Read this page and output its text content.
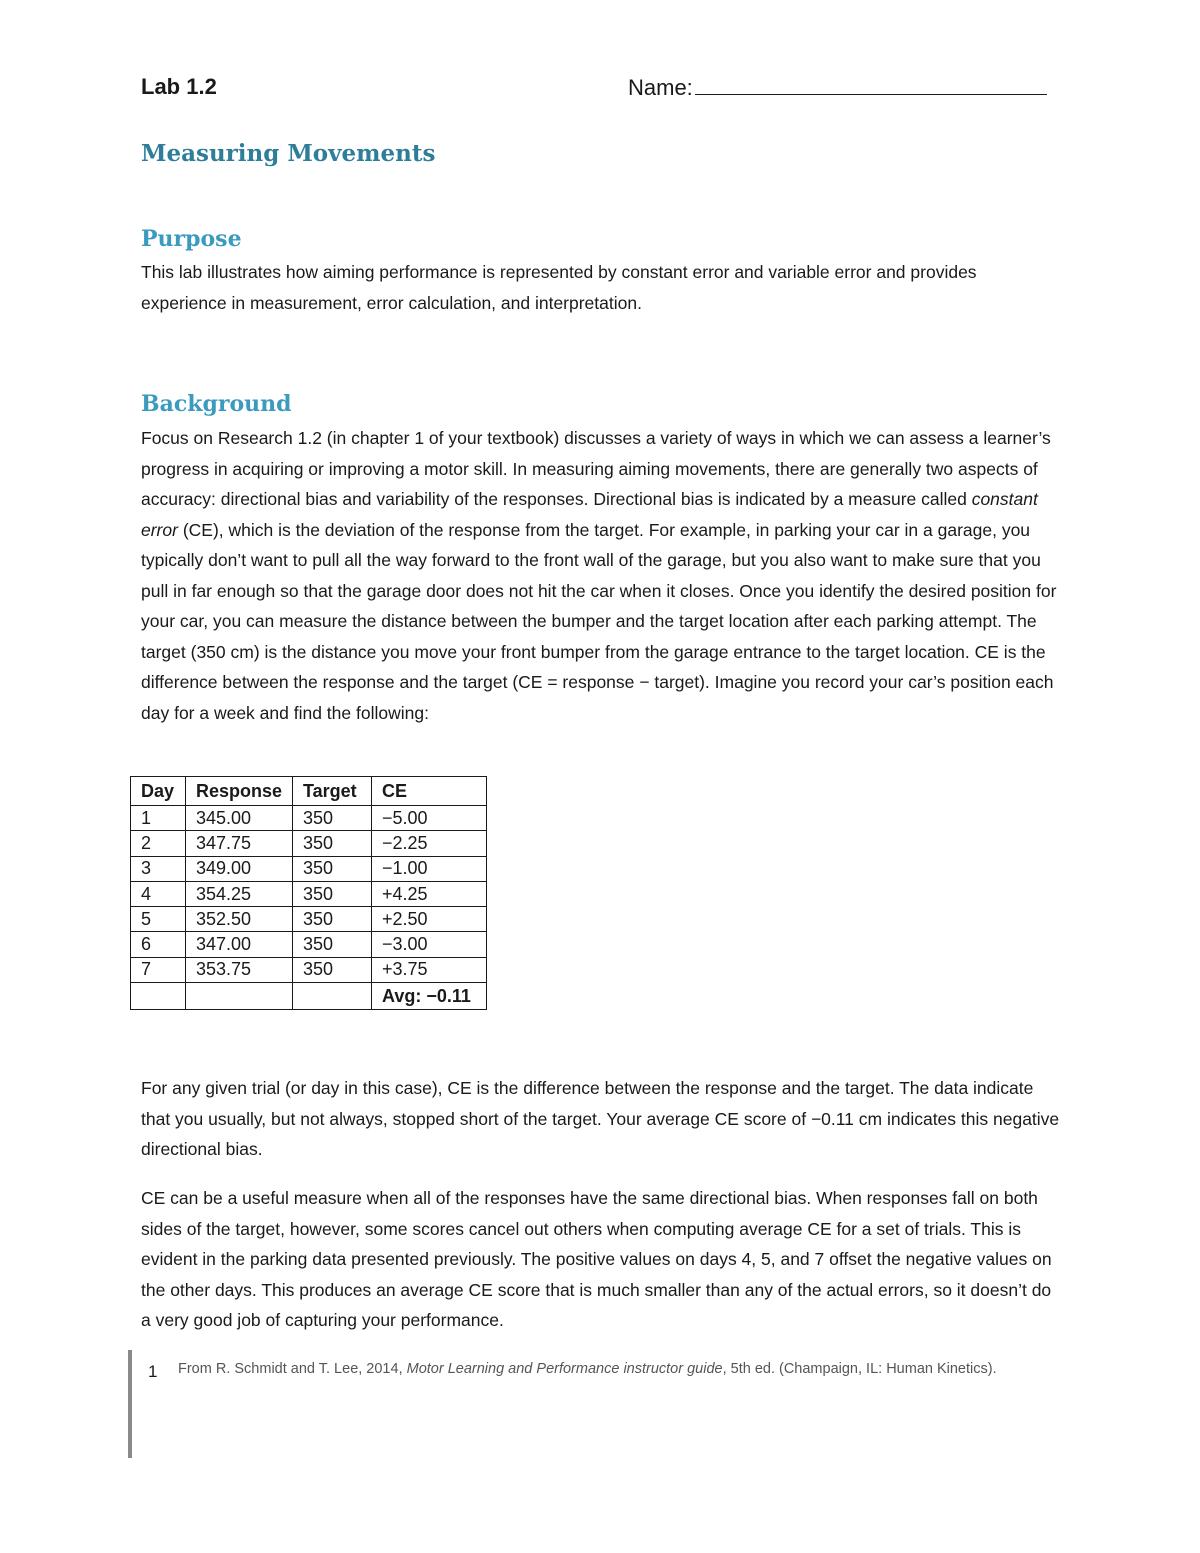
Lab 1.2	Name:
Measuring Movements
Purpose

This lab illustrates how aiming performance is represented by constant error and variable error and provides experience in measurement, error calculation, and interpretation.

Background

Focus on Research 1.2 (in chapter 1 of your textbook) discusses a variety of ways in which we can assess a learner’s progress in acquiring or improving a motor skill. In measuring aiming movements, there are generally two aspects of accuracy: directional bias and variability of the responses. Directional bias is indicated by a measure called constant error (CE), which is the deviation of the response from the target. For example, in parking your car in a garage, you typically don’t want to pull all the way forward to the front wall of the garage, but you also want to make sure that you pull in far enough so that the garage door does not hit the car when it closes. Once you identify the desired position for your car, you can measure the distance between the bumper and the target location after each parking attempt. The target (350 cm) is the distance you move your front bumper from the garage entrance to the target location. CE is the difference between the response and the target (CE = response − target). Imagine you record your car’s position each day for a week and find the following:

Day	Response	Target	CE
1	345.00	350	−5.00
2	347.75	350	−2.25
3	349.00	350	−1.00
4	354.25	350	+4.25
5	352.50	350	+2.50
6	347.00	350	−3.00
7	353.75	350	+3.75
			Avg: −0.11

For any given trial (or day in this case), CE is the difference between the response and the target. The data indicate that you usually, but not always, stopped short of the target. Your average CE score of −0.11 cm indicates this negative directional bias.

CE can be a useful measure when all of the responses have the same directional bias. When responses fall on both sides of the target, however, some scores cancel out others when computing average CE for a set of trials. This is evident in the parking data presented previously. The positive values on days 4, 5, and 7 offset the negative values on the other days. This produces an average CE score that is much smaller than any of the actual errors, so it doesn’t do a very good job of capturing your performance.

1 From R. Schmidt and T. Lee, 2014, Motor Learning and Performance instructor guide, 5th ed. (Champaign, IL: Human Kinetics).
